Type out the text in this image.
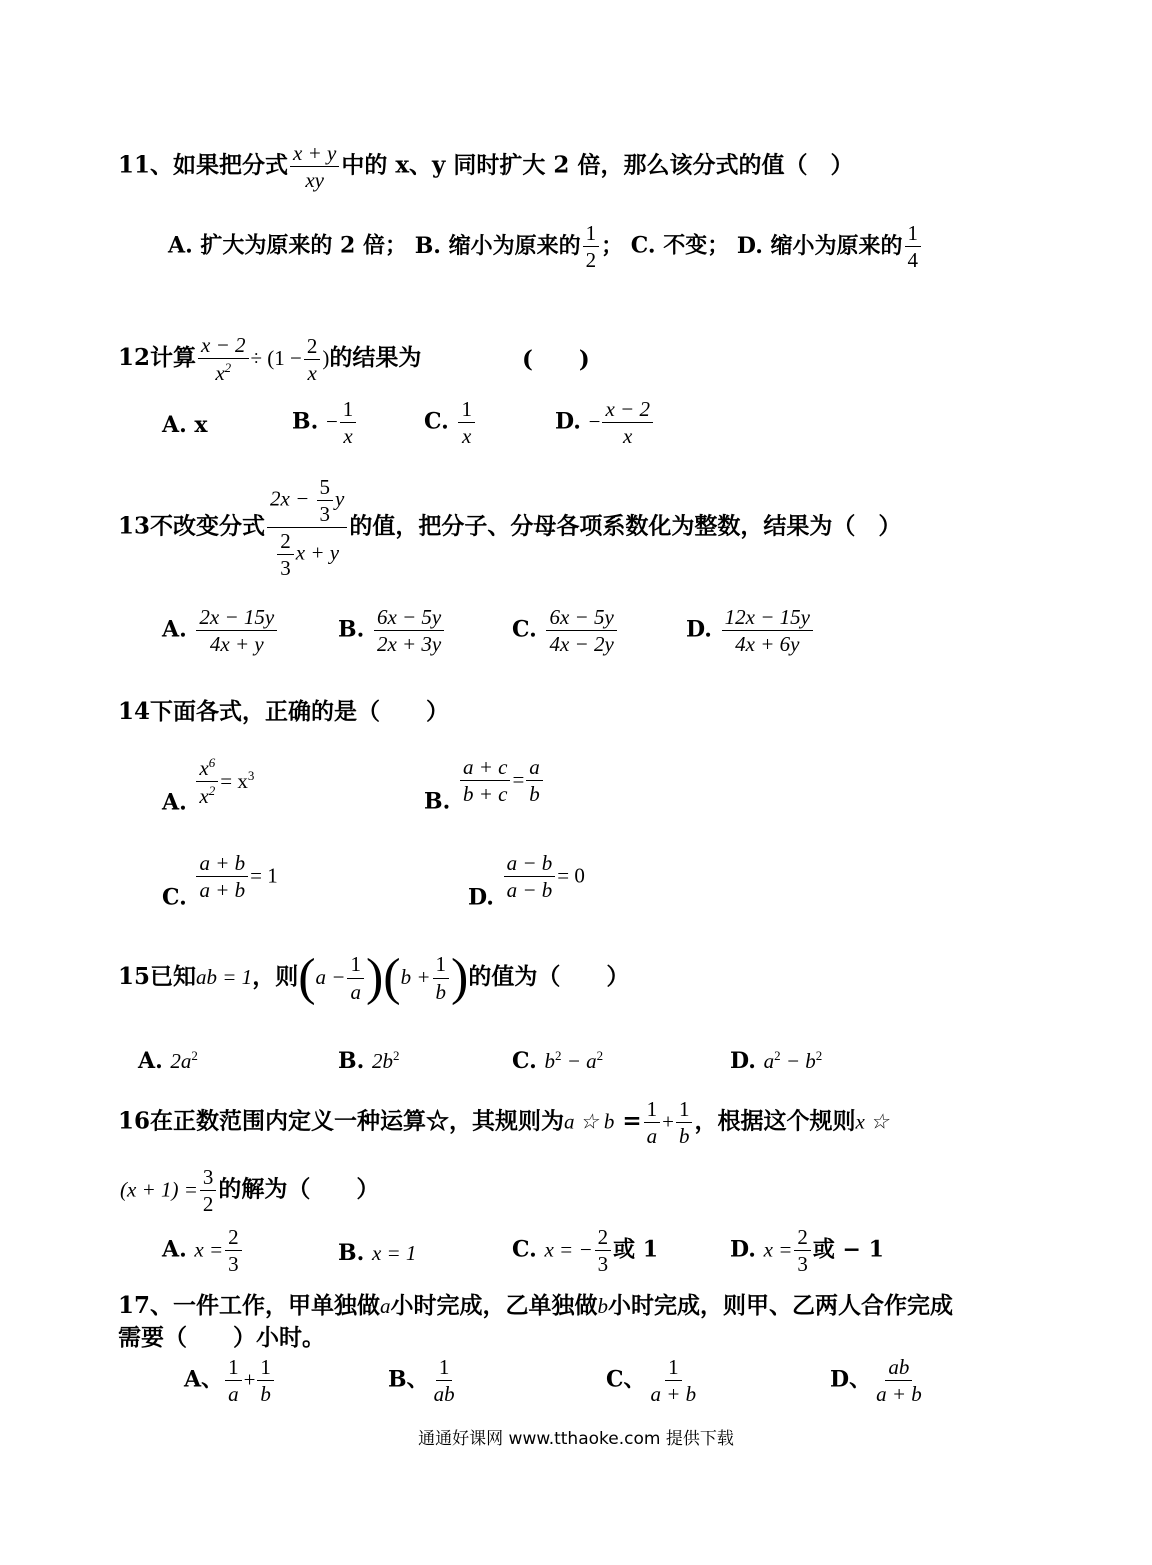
11、如果把分式 $\frac{x + y}{xy}$ 中的 x、y 同时扩大 2 倍，那么该分式的值（　）
A. 扩大为原来的 2 倍； B. 缩小为原来的 $\frac{1}{2}$ ； C. 不变； D. 缩小为原来的 $\frac{1}{4}$
12计算 $\frac{x - 2}{x^2} \div (1 - \frac{2}{x}$ )的结果为	(　　)
A. x	B. − $\frac{1}{x}$	C. $\frac{1}{x}$	D. − $\frac{x - 2}{x}$
13不改变分式 $\frac{2x - \frac{5}{3} y}{\frac{2}{3} x + y}$ 的值，把分子、分母各项系数化为整数，结果为（　）
A. $\frac{2x - 15y}{4x + y}$	B. $\frac{6x - 5y}{2x + 3y}$	C. $\frac{6x - 5y}{4x - 2y}$	D. $\frac{12x - 15y}{4x + 6y}$
14下面各式，正确的是（　　）
A. $\frac{x^6}{x^2} = x^3$
B. $\frac{a + c}{b + c} = \frac{a}{b}$
C. $\frac{a + b}{a + b} = 1$
D. $\frac{a - b}{a - b} = 0$
15已知ab = 1，则$(a - \frac{1}{a} )(b + \frac{1}{b}$ )的值为（　　）
A. $2a^2$	B. $2b^2$	C. $b^2 - a^2$	D. $a^2 - b^2$
16在正数范围内定义一种运算☆，其规则为a ☆ $b = \frac{1}{a} + \frac{1}{b}$ ，根据这个规则x ☆
$(x + 1) = \frac{3}{2}$ 的解为（　　）
A. $x = \frac{2}{3}$	B. x = 1	C. x = − $\frac{2}{3}$ 或 1	D. $x = \frac{2}{3}$ 或 − 1
17、一件工作，甲单独做a小时完成，乙单独做b小时完成，则甲、乙两人合作完成
需要（　　）小时。
A、 $\frac{1}{a} + \frac{1}{b}$	B、 $\frac{1}{ab}$	C、 $\frac{1}{a + b}$	D、 $\frac{ab}{a + b}$
通通好课网 www.tthaoke.com 提供下载
